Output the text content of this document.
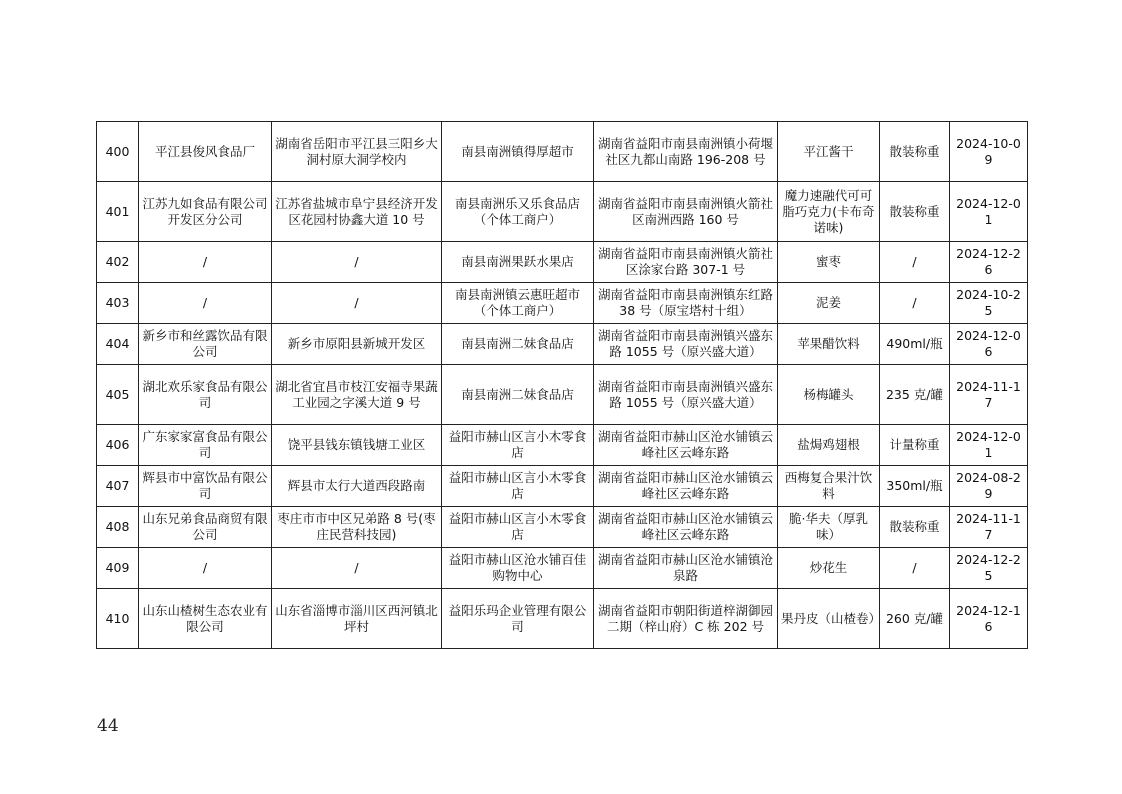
400	平江县俊风食品厂	湖南省岳阳市平江县三阳乡大洞村原大洞学校内	南县南洲镇得厚超市	湖南省益阳市南县南洲镇小荷堰社区九都山南路 196-208 号	平江酱干	散装称重	2024-10-09
401	江苏九如食品有限公司开发区分公司	江苏省盐城市阜宁县经济开发区花园村协鑫大道 10 号	南县南洲乐又乐食品店（个体工商户）	湖南省益阳市南县南洲镇火箭社区南洲西路 160 号	魔力速融代可可脂巧克力(卡布奇诺味)	散装称重	2024-12-01
402	/	/	南县南洲果跃水果店	湖南省益阳市南县南洲镇火箭社区涂家台路 307-1 号	蜜枣	/	2024-12-26
403	/	/	南县南洲镇云惠旺超市（个体工商户）	湖南省益阳市南县南洲镇东红路 38 号（原宝塔村十组）	泥姜	/	2024-10-25
404	新乡市和丝露饮品有限公司	新乡市原阳县新城开发区	南县南洲二妹食品店	湖南省益阳市南县南洲镇兴盛东路 1055 号（原兴盛大道）	苹果醋饮料	490ml/瓶	2024-12-06
405	湖北欢乐家食品有限公司	湖北省宜昌市枝江安福寺果蔬工业园之字溪大道 9 号	南县南洲二妹食品店	湖南省益阳市南县南洲镇兴盛东路 1055 号（原兴盛大道）	杨梅罐头	235 克/罐	2024-11-17
406	广东家家富食品有限公司	饶平县钱东镇钱塘工业区	益阳市赫山区言小木零食店	湖南省益阳市赫山区沧水铺镇云峰社区云峰东路	盐焗鸡翅根	计量称重	2024-12-01
407	辉县市中富饮品有限公司	辉县市太行大道西段路南	益阳市赫山区言小木零食店	湖南省益阳市赫山区沧水铺镇云峰社区云峰东路	西梅复合果汁饮料	350ml/瓶	2024-08-29
408	山东兄弟食品商贸有限公司	枣庄市市中区兄弟路 8 号(枣庄民营科技园)	益阳市赫山区言小木零食店	湖南省益阳市赫山区沧水铺镇云峰社区云峰东路	脆·华夫（厚乳味）	散装称重	2024-11-17
409	/	/	益阳市赫山区沧水铺百佳购物中心	湖南省益阳市赫山区沧水铺镇沧泉路	炒花生	/	2024-12-25
410	山东山楂树生态农业有限公司	山东省淄博市淄川区西河镇北坪村	益阳乐玛企业管理有限公司	湖南省益阳市朝阳街道梓湖御园二期（梓山府）C 栋 202 号	果丹皮（山楂卷）	260 克/罐	2024-12-16
44
